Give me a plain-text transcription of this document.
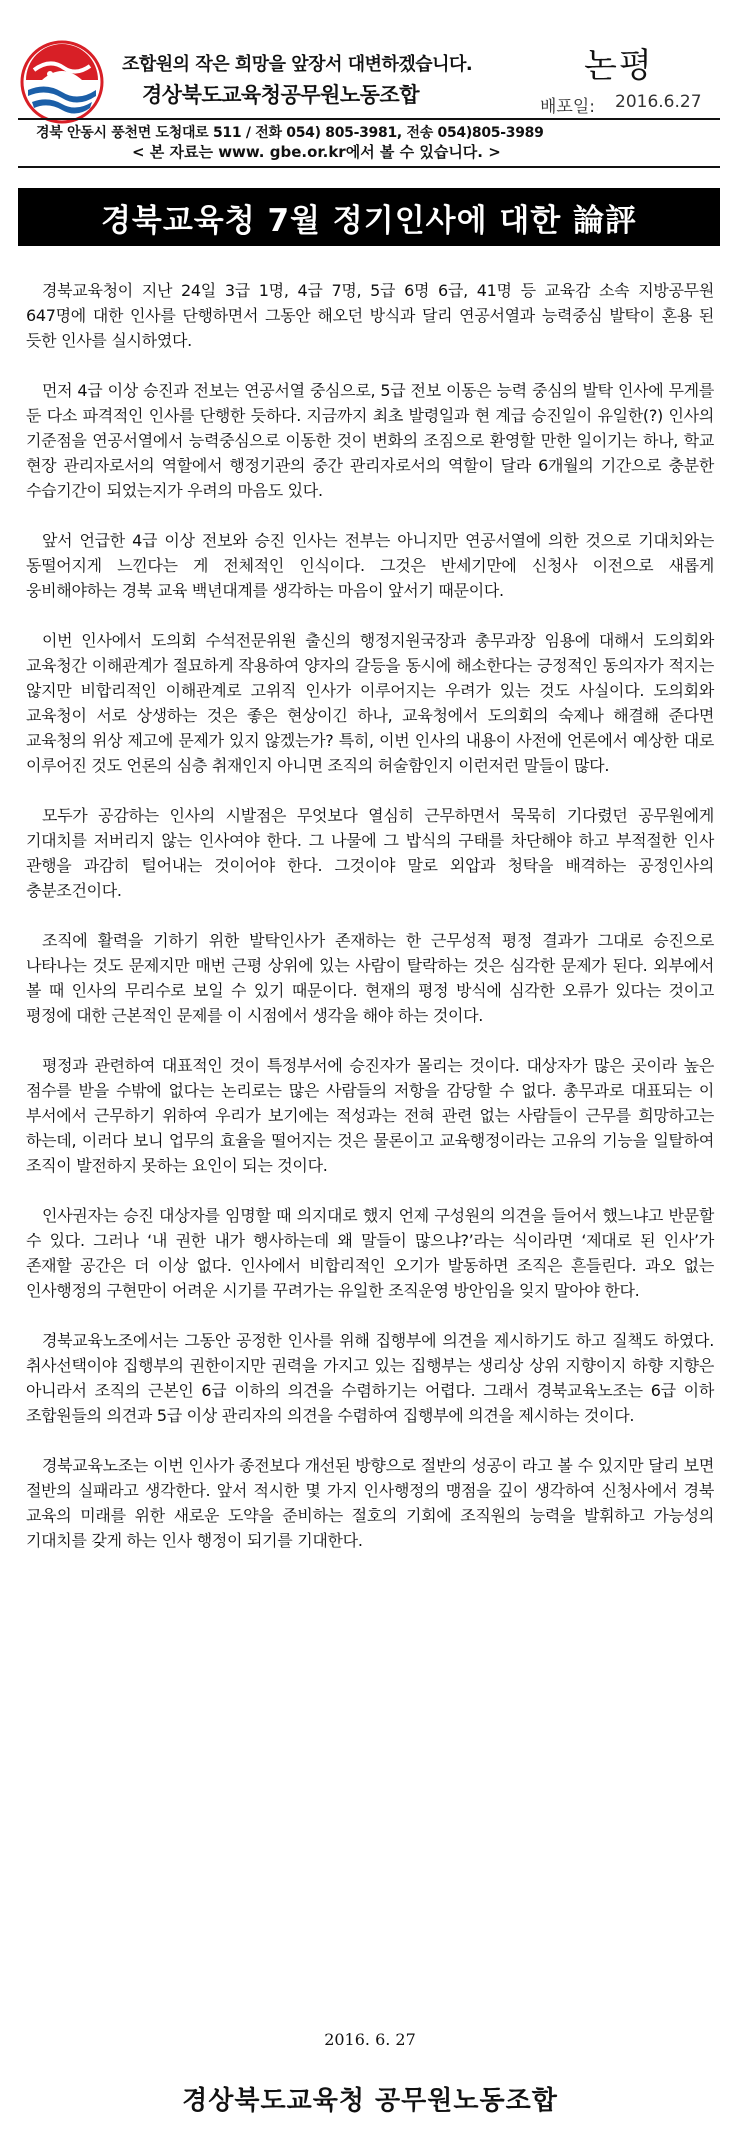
조합원의 작은 희망을 앞장서 대변하겠습니다.
경상북도교육청공무원노동조합
논평
배포일: 2016.6.27
경북 안동시 풍천면 도청대로 511 / 전화 054) 805-3981, 전송 054)805-3989
< 본 자료는 www. gbe.or.kr에서 볼 수 있습니다. >
경북교육청 7월 정기인사에 대한 論評

경북교육청이 지난 24일 3급 1명, 4급 7명, 5급 6명 6급, 41명 등 교육감 소속 지방공무원 647명에 대한 인사를 단행하면서 그동안 해오던 방식과 달리 연공서열과 능력중심 발탁이 혼용 된 듯한 인사를 실시하였다.

먼저 4급 이상 승진과 전보는 연공서열 중심으로, 5급 전보 이동은 능력 중심의 발탁 인사에 무게를 둔 다소 파격적인 인사를 단행한 듯하다. 지금까지 최초 발령일과 현 계급 승진일이 유일한(?) 인사의 기준점을 연공서열에서 능력중심으로 이동한 것이 변화의 조짐으로 환영할 만한 일이기는 하나, 학교 현장 관리자로서의 역할에서 행정기관의 중간 관리자로서의 역할이 달라 6개월의 기간으로 충분한 수습기간이 되었는지가 우려의 마음도 있다.

앞서 언급한 4급 이상 전보와 승진 인사는 전부는 아니지만 연공서열에 의한 것으로 기대치와는 동떨어지게 느낀다는 게 전체적인 인식이다. 그것은 반세기만에 신청사 이전으로 새롭게 웅비해야하는 경북 교육 백년대계를 생각하는 마음이 앞서기 때문이다.

이번 인사에서 도의회 수석전문위원 출신의 행정지원국장과 총무과장 임용에 대해서 도의회와 교육청간 이해관계가 절묘하게 작용하여 양자의 갈등을 동시에 해소한다는 긍정적인 동의자가 적지는 않지만 비합리적인 이해관계로 고위직 인사가 이루어지는 우려가 있는 것도 사실이다. 도의회와 교육청이 서로 상생하는 것은 좋은 현상이긴 하나, 교육청에서 도의회의 숙제나 해결해 준다면 교육청의 위상 제고에 문제가 있지 않겠는가? 특히, 이번 인사의 내용이 사전에 언론에서 예상한 대로 이루어진 것도 언론의 심층 취재인지 아니면 조직의 허술함인지 이런저런 말들이 많다.

모두가 공감하는 인사의 시발점은 무엇보다 열심히 근무하면서 묵묵히 기다렸던 공무원에게 기대치를 저버리지 않는 인사여야 한다. 그 나물에 그 밥식의 구태를 차단해야 하고 부적절한 인사 관행을 과감히 털어내는 것이어야 한다. 그것이야 말로 외압과 청탁을 배격하는 공정인사의 충분조건이다.

조직에 활력을 기하기 위한 발탁인사가 존재하는 한 근무성적 평정 결과가 그대로 승진으로 나타나는 것도 문제지만 매번 근평 상위에 있는 사람이 탈락하는 것은 심각한 문제가 된다. 외부에서 볼 때 인사의 무리수로 보일 수 있기 때문이다. 현재의 평정 방식에 심각한 오류가 있다는 것이고 평정에 대한 근본적인 문제를 이 시점에서 생각을 해야 하는 것이다.

평정과 관련하여 대표적인 것이 특정부서에 승진자가 몰리는 것이다. 대상자가 많은 곳이라 높은 점수를 받을 수밖에 없다는 논리로는 많은 사람들의 저항을 감당할 수 없다. 총무과로 대표되는 이 부서에서 근무하기 위하여 우리가 보기에는 적성과는 전혀 관련 없는 사람들이 근무를 희망하고는 하는데, 이러다 보니 업무의 효율을 떨어지는 것은 물론이고 교육행정이라는 고유의 기능을 일탈하여 조직이 발전하지 못하는 요인이 되는 것이다.

인사권자는 승진 대상자를 임명할 때 의지대로 했지 언제 구성원의 의견을 들어서 했느냐고 반문할 수 있다. 그러나 ‘내 권한 내가 행사하는데 왜 말들이 많으냐?’라는 식이라면 ‘제대로 된 인사’가 존재할 공간은 더 이상 없다. 인사에서 비합리적인 오기가 발동하면 조직은 흔들린다. 과오 없는 인사행정의 구현만이 어려운 시기를 꾸려가는 유일한 조직운영 방안임을 잊지 말아야 한다.

경북교육노조에서는 그동안 공정한 인사를 위해 집행부에 의견을 제시하기도 하고 질책도 하였다. 취사선택이야 집행부의 권한이지만 권력을 가지고 있는 집행부는 생리상 상위 지향이지 하향 지향은 아니라서 조직의 근본인 6급 이하의 의견을 수렴하기는 어렵다. 그래서 경북교육노조는 6급 이하 조합원들의 의견과 5급 이상 관리자의 의견을 수렴하여 집행부에 의견을 제시하는 것이다.

경북교육노조는 이번 인사가 종전보다 개선된 방향으로 절반의 성공이 라고 볼 수 있지만 달리 보면 절반의 실패라고 생각한다. 앞서 적시한 몇 가지 인사행정의 맹점을 깊이 생각하여 신청사에서 경북 교육의 미래를 위한 새로운 도약을 준비하는 절호의 기회에 조직원의 능력을 발휘하고 가능성의 기대치를 갖게 하는 인사 행정이 되기를 기대한다.

2016. 6. 27
경상북도교육청 공무원노동조합
